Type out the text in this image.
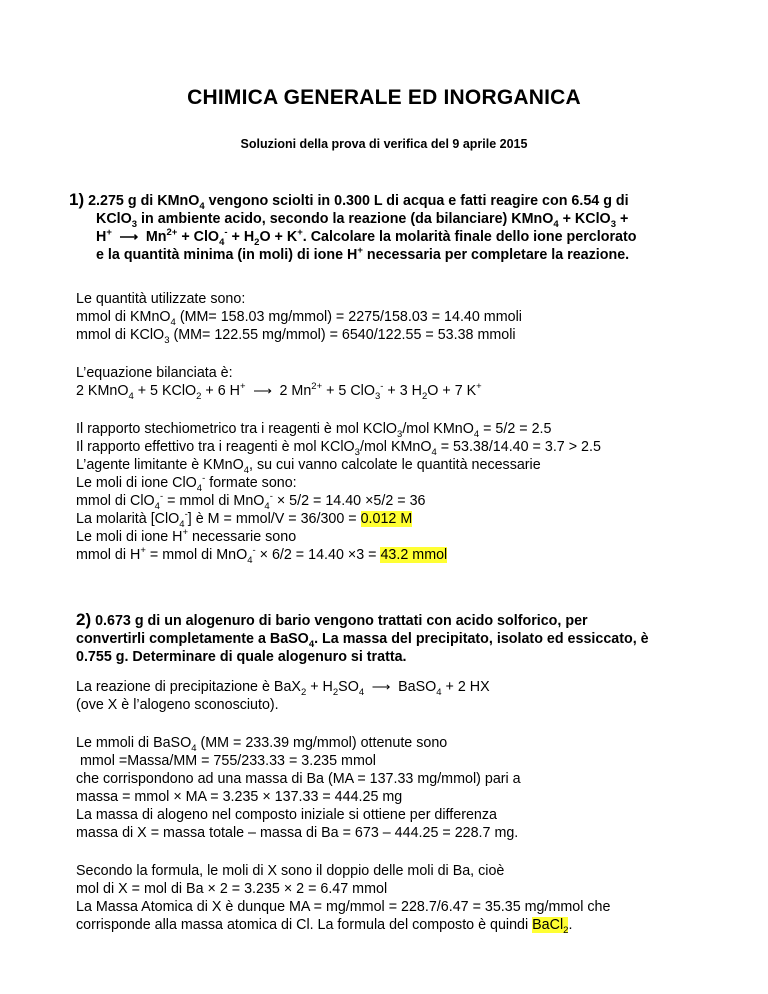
CHIMICA GENERALE ED INORGANICA
Soluzioni della prova di verifica del 9 aprile 2015
1) 2.275 g di KMnO$_4$ vengono sciolti in 0.300 L di acqua e fatti reagire con 6.54 g di
KClO$_3$ in ambiente acido, secondo la reazione (da bilanciare) KMnO$_4$ + KClO$_3$ +
H+ ⟶ $Mn^{2+} + ClO_4^- + H_2O + K^+$. Calcolare la molarità finale dello ione perclorato
e la quantità minima (in moli) di ione H+ necessaria per completare la reazione.
Le quantità utilizzate sono:
mmol di KMnO$_4$ (MM= 158.03 mg/mmol) = 2275/158.03 = 14.40 mmoli
mmol di KClO$_3$ (MM= 122.55 mg/mmol) = 6540/122.55 = 53.38 mmoli
L’equazione bilanciata è:
2 KMnO$_4$ + 5 KClO$_2$ + 6 H+ ⟶ 2 $Mn^{2+} + 5$ ClO$_3$- + 3 $H_2O + 7$ K+
Il rapporto stechiometrico tra i reagenti è mol KClO$_3$/mol KMnO$_4$ = 5/2 = 2.5
Il rapporto effettivo tra i reagenti è mol KClO$_3$/mol KMnO$_4$ = 53.38/14.40 = 3.7 > 2.5
L’agente limitante è KMnO$_4$, su cui vanno calcolate le quantità necessarie
Le moli di ione ClO$_4$- formate sono:
mmol di ClO$_4$- = mmol di MnO$_4$- × 5/2 = 14.40 ×5/2 = 36
La molarità [ClO$_4$-] è M = mmol/V = 36/300 = 0.012 M
Le moli di ione H+ necessarie sono
mmol di H+ = mmol di MnO$_4$- × 6/2 = 14.40 ×3 = 43.2 mmol
2) 0.673 g di un alogenuro di bario vengono trattati con acido solforico, per
convertirli completamente a BaSO$_4$. La massa del precipitato, isolato ed essiccato, è
0.755 g. Determinare di quale alogenuro si tratta.
La reazione di precipitazione è $BaX_2 + H_2SO_4$ ⟶ BaSO$_4$ + 2 HX
(ove X è l’alogeno sconosciuto).
Le mmoli di BaSO$_4$ (MM = 233.39 mg/mmol) ottenute sono
mmol =Massa/MM = 755/233.33 = 3.235 mmol
che corrispondono ad una massa di Ba (MA = 137.33 mg/mmol) pari a
massa = mmol × MA = 3.235 × 137.33 = 444.25 mg
La massa di alogeno nel composto iniziale si ottiene per differenza
massa di X = massa totale – massa di Ba = 673 – 444.25 = 228.7 mg.
Secondo la formula, le moli di X sono il doppio delle moli di Ba, cioè
mol di X = mol di Ba × 2 = 3.235 × 2 = 6.47 mmol
La Massa Atomica di X è dunque MA = mg/mmol = 228.7/6.47 = 35.35 mg/mmol che
corrisponde alla massa atomica di Cl. La formula del composto è quindi BaCl$_2$.
